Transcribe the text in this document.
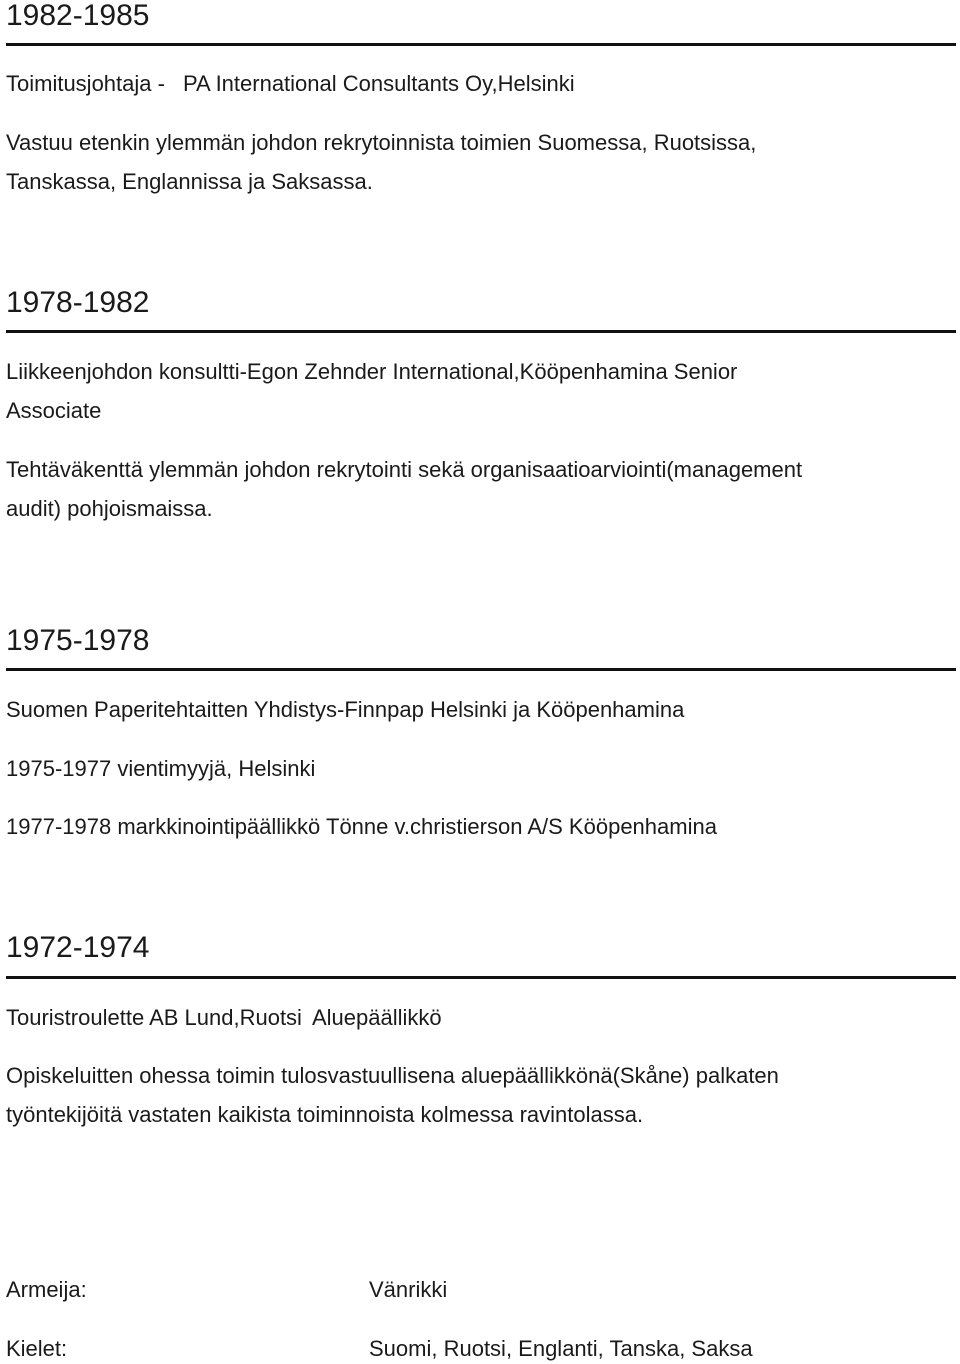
1982-1985
Toimitusjohtaja - PA International Consultants Oy,Helsinki
Vastuu etenkin ylemmän johdon rekrytoinnista toimien Suomessa, Ruotsissa,
Tanskassa, Englannissa ja Saksassa.
1978-1982
Liikkeenjohdon konsultti-Egon Zehnder International,Kööpenhamina Senior
Associate
Tehtäväkenttä ylemmän johdon rekrytointi sekä organisaatioarviointi(management
audit) pohjoismaissa.
1975-1978
Suomen Paperitehtaitten Yhdistys-Finnpap Helsinki ja Kööpenhamina
1975-1977 vientimyyjä, Helsinki
1977-1978 markkinointipäällikkö Tönne v.christierson A/S Kööpenhamina
1972-1974
Touristroulette AB Lund,Ruotsi Aluepäällikkö
Opiskeluitten ohessa toimin tulosvastuullisena aluepäällikkönä(Skåne) palkaten
työntekijöitä vastaten kaikista toiminnoista kolmessa ravintolassa.
Armeija:	Vänrikki
Kielet:	Suomi, Ruotsi, Englanti, Tanska, Saksa
